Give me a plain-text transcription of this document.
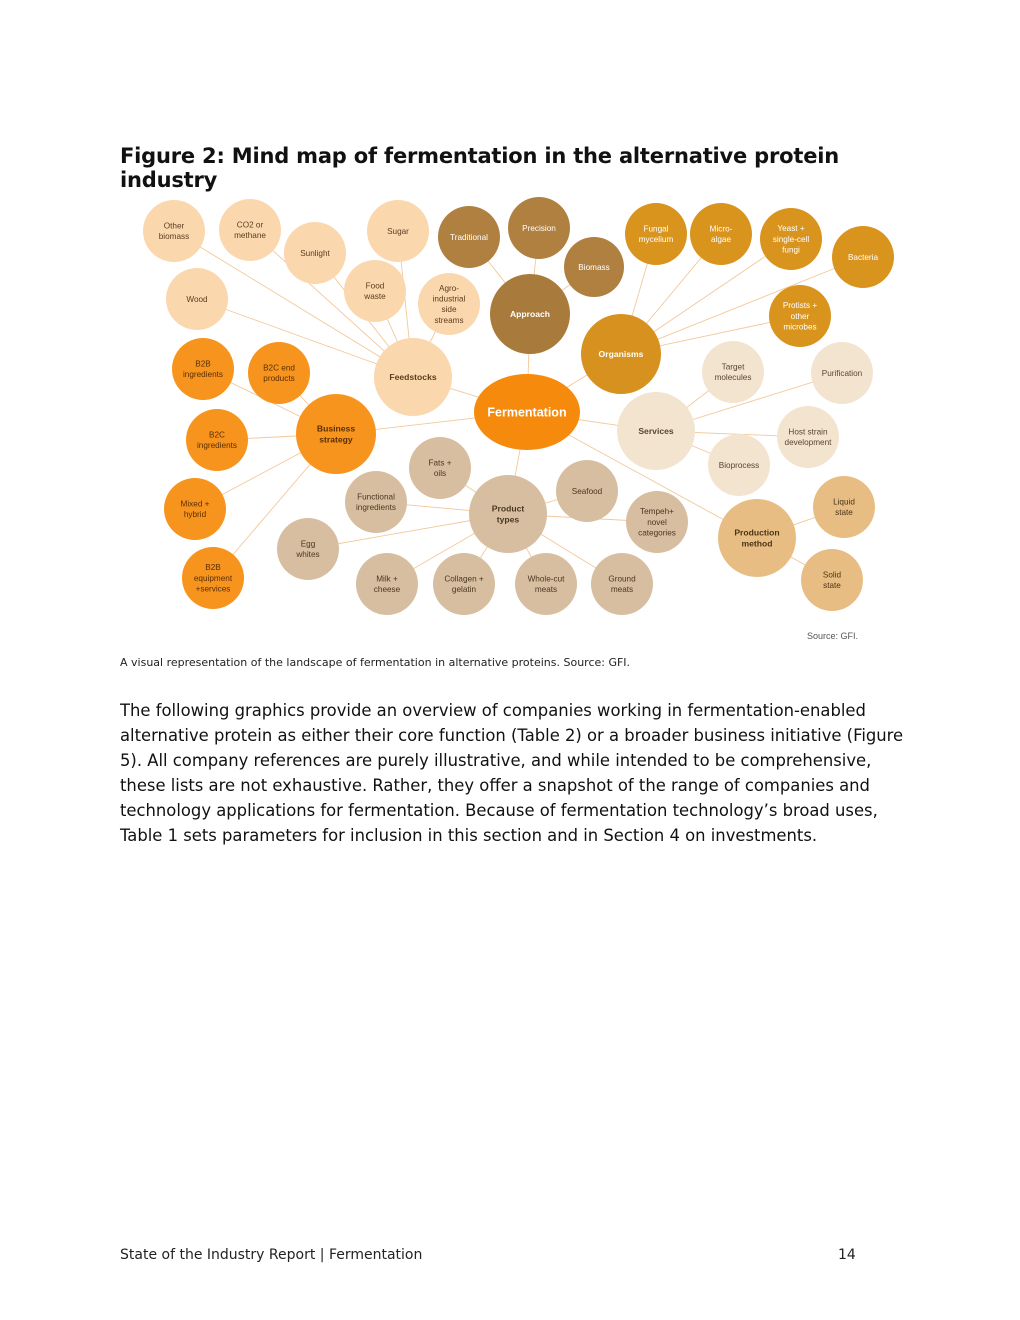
Figure 2: Mind map of fermentation in the alternative protein industry
Fermentation
Approach
Traditional
Precision
Biomass
Organisms
Fungal mycelium
Micro-algae
Yeast + single-cell fungi
Bacteria
Protists + other microbes
Feedstocks
Other biomass
CO2 or methane
Sunlight
Sugar
Wood
Food waste
Agro-industrial side streams
Business strategy
B2B ingredients
B2C end products
B2C ingredients
Mixed + hybrid
B2B equipment +services
Services
Target molecules	Purification
Host strain development
Bioprocess
Product types
Fats + oils
Functional ingredients
Seafood
Egg whites
Tempeh+ novel categories
Milk + cheese
Collagen + gelatin
Whole-cut meats
Ground meats
Production method
Liquid state
Solid state
Source: GFI.
A visual representation of the landscape of fermentation in alternative proteins. Source: GFI.

The following graphics provide an overview of companies working in fermentation-enabled alternative protein as either their core function (Table 2) or a broader business initiative (Figure 5). All company references are purely illustrative, and while intended to be comprehensive, these lists are not exhaustive. Rather, they offer a snapshot of the range of companies and technology applications for fermentation. Because of fermentation technology’s broad uses, Table 1 sets parameters for inclusion in this section and in Section 4 on investments.

State of the Industry Report | Fermentation	14
